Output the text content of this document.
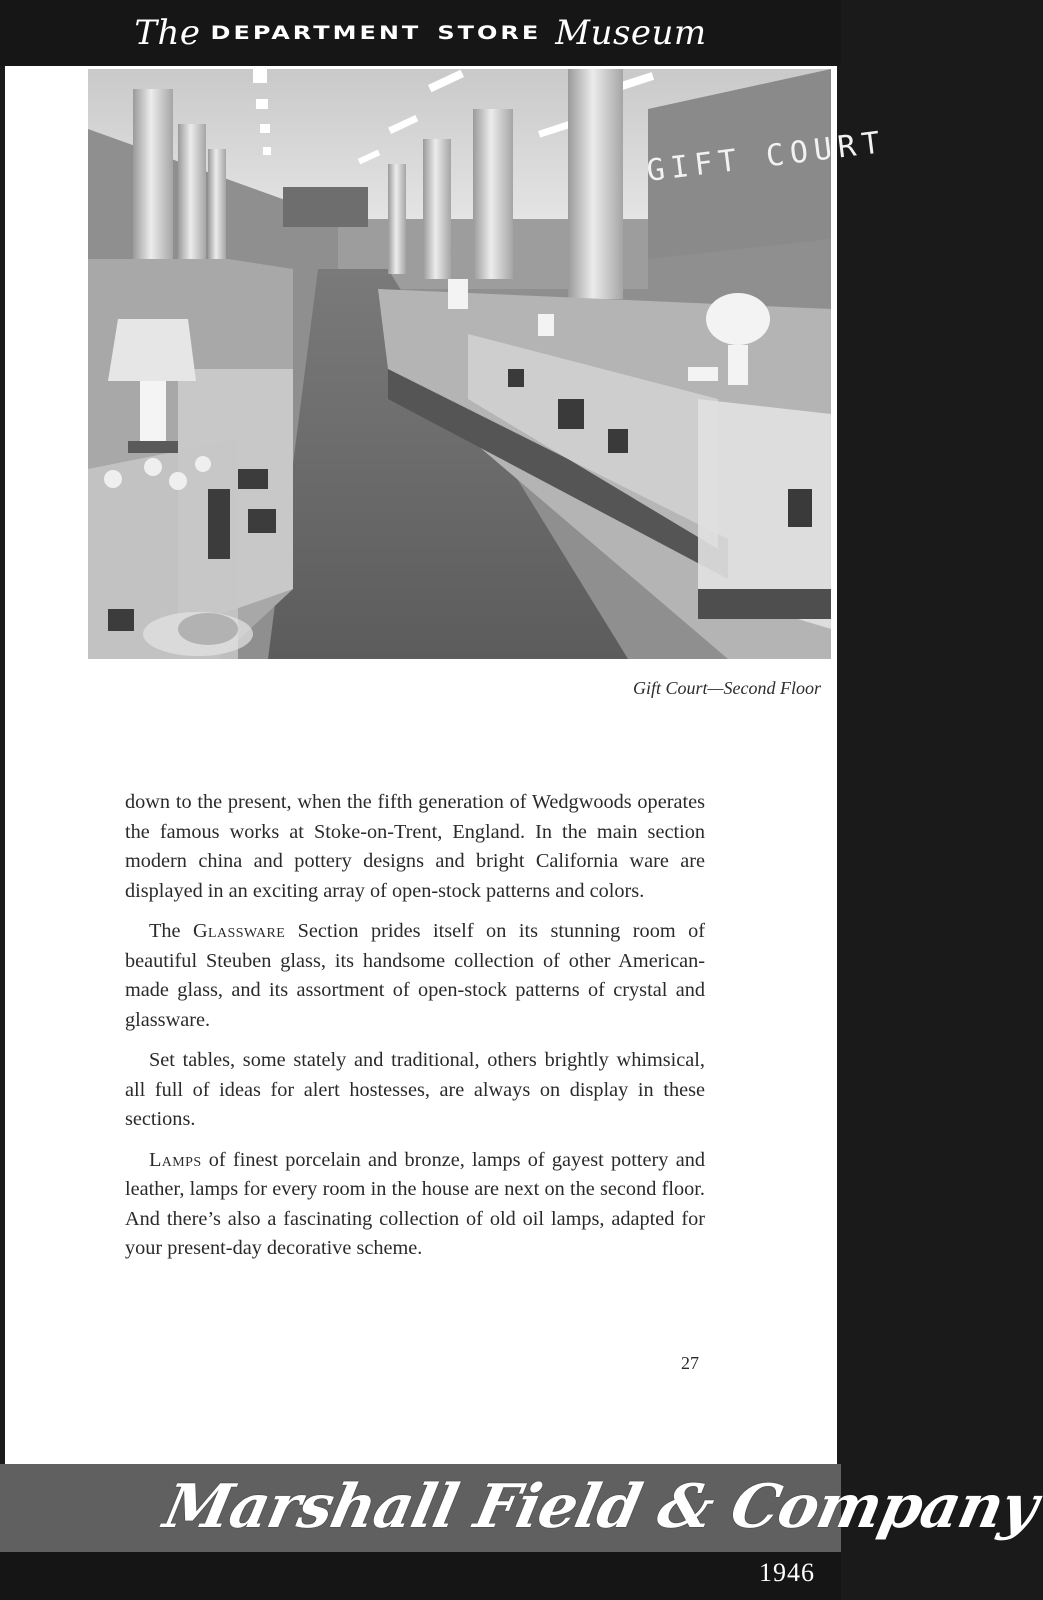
The DEPARTMENT STORE Museum
GIFT COURT
Gift Court—Second Floor

down to the present, when the fifth generation of Wedgwoods operates the famous works at Stoke-on-Trent, England. In the main section modern china and pottery designs and bright California ware are displayed in an exciting array of open-stock patterns and colors.

The Glassware Section prides itself on its stunning room of beautiful Steuben glass, its handsome collection of other American-made glass, and its assortment of open-stock patterns of crystal and glassware.

Set tables, some stately and traditional, others brightly whimsical, all full of ideas for alert hostesses, are always on display in these sections.

Lamps of finest porcelain and bronze, lamps of gayest pottery and leather, lamps for every room in the house are next on the second floor. And there’s also a fascinating collection of old oil lamps, adapted for your present-day decorative scheme.

27
Marshall Field & Company
1946
